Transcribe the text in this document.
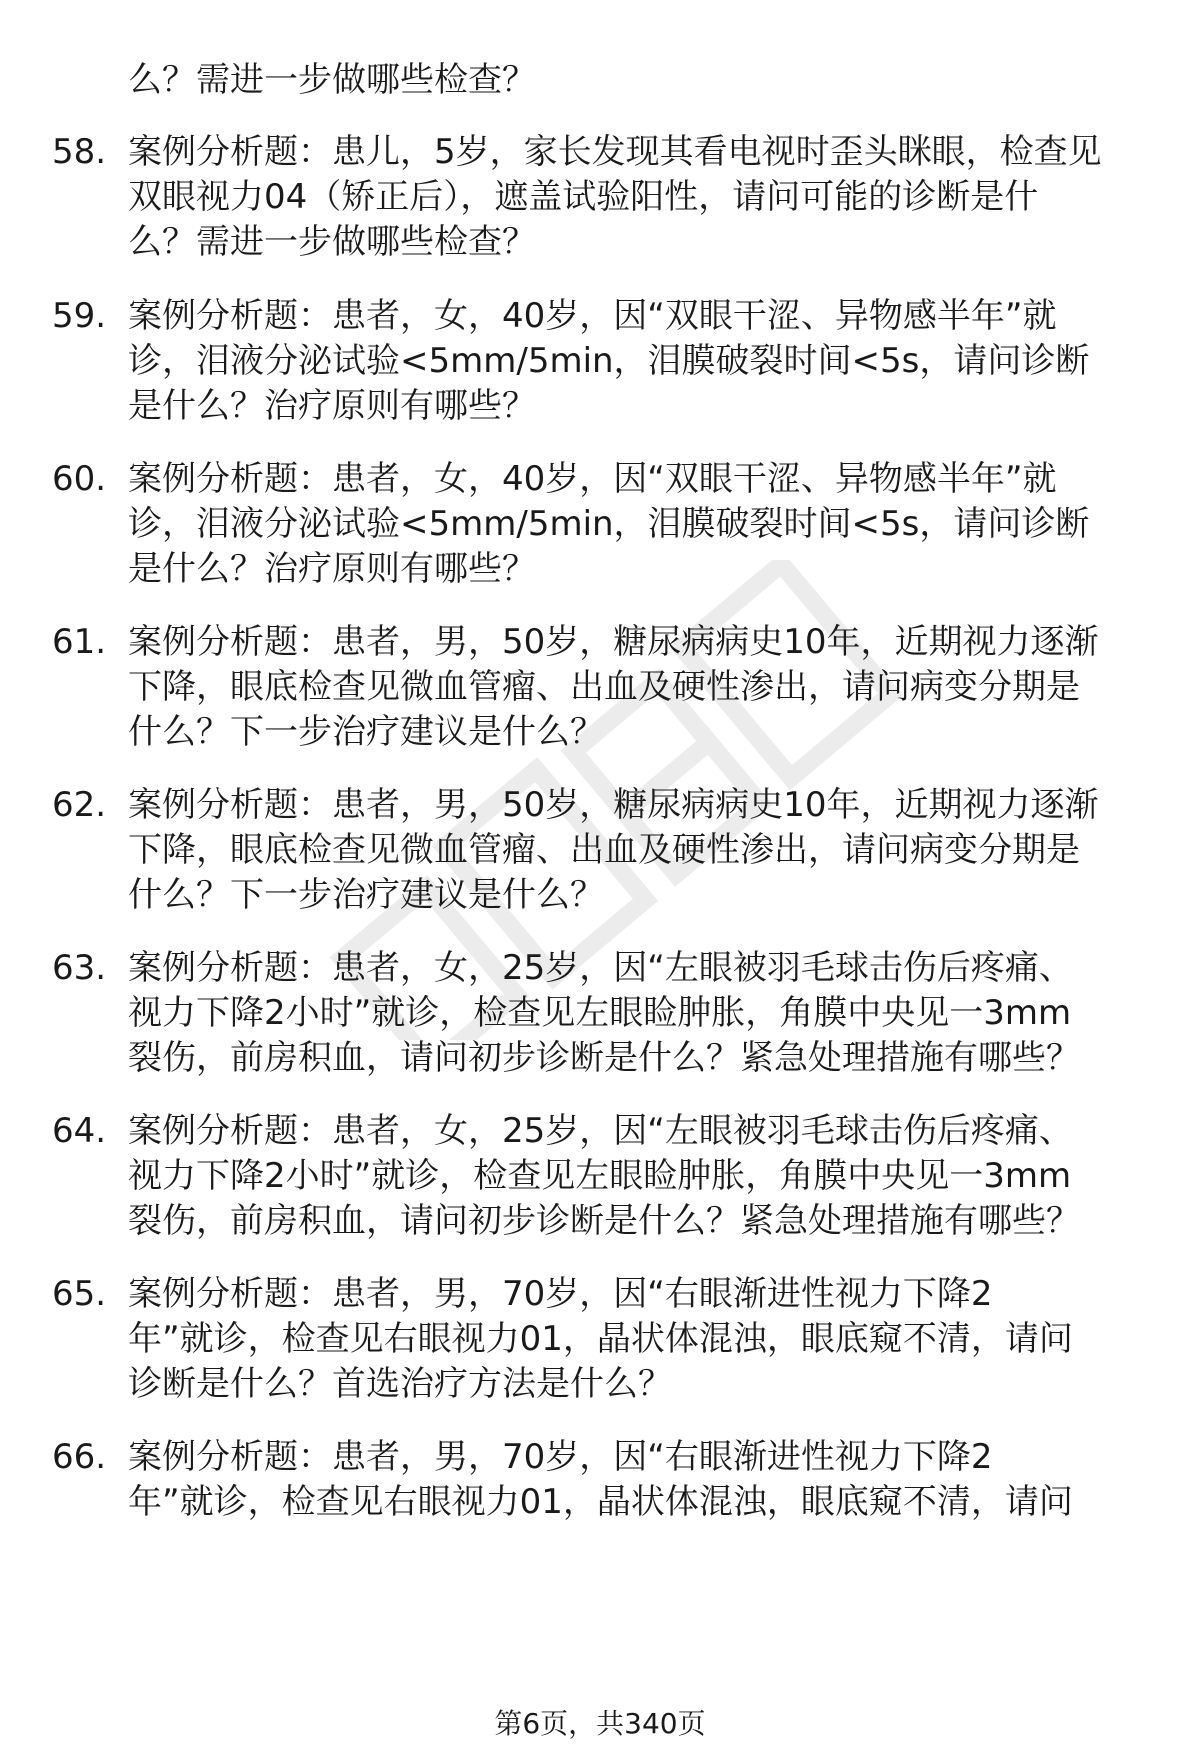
么？需进一步做哪些检查？
58. 案例分析题：患儿，5岁，家长发现其看电视时歪头眯眼，检查见
双眼视力04（矫正后），遮盖试验阳性，请问可能的诊断是什
么？需进一步做哪些检查？
59. 案例分析题：患者，女，40岁，因“双眼干涩、异物感半年”就
诊，泪液分泌试验<5mm/5min，泪膜破裂时间<5s，请问诊断
是什么？治疗原则有哪些？
60. 案例分析题：患者，女，40岁，因“双眼干涩、异物感半年”就
诊，泪液分泌试验<5mm/5min，泪膜破裂时间<5s，请问诊断
是什么？治疗原则有哪些？
61. 案例分析题：患者，男，50岁，糖尿病病史10年，近期视力逐渐
下降，眼底检查见微血管瘤、出血及硬性渗出，请问病变分期是
什么？下一步治疗建议是什么？
62. 案例分析题：患者，男，50岁，糖尿病病史10年，近期视力逐渐
下降，眼底检查见微血管瘤、出血及硬性渗出，请问病变分期是
什么？下一步治疗建议是什么？
63. 案例分析题：患者，女，25岁，因“左眼被羽毛球击伤后疼痛、
视力下降2小时”就诊，检查见左眼睑肿胀，角膜中央见一3mm
裂伤，前房积血，请问初步诊断是什么？紧急处理措施有哪些？
64. 案例分析题：患者，女，25岁，因“左眼被羽毛球击伤后疼痛、
视力下降2小时”就诊，检查见左眼睑肿胀，角膜中央见一3mm
裂伤，前房积血，请问初步诊断是什么？紧急处理措施有哪些？
65. 案例分析题：患者，男，70岁，因“右眼渐进性视力下降2
年”就诊，检查见右眼视力01，晶状体混浊，眼底窥不清，请问
诊断是什么？首选治疗方法是什么？
66. 案例分析题：患者，男，70岁，因“右眼渐进性视力下降2
年”就诊，检查见右眼视力01，晶状体混浊，眼底窥不清，请问
第6页，共340页
